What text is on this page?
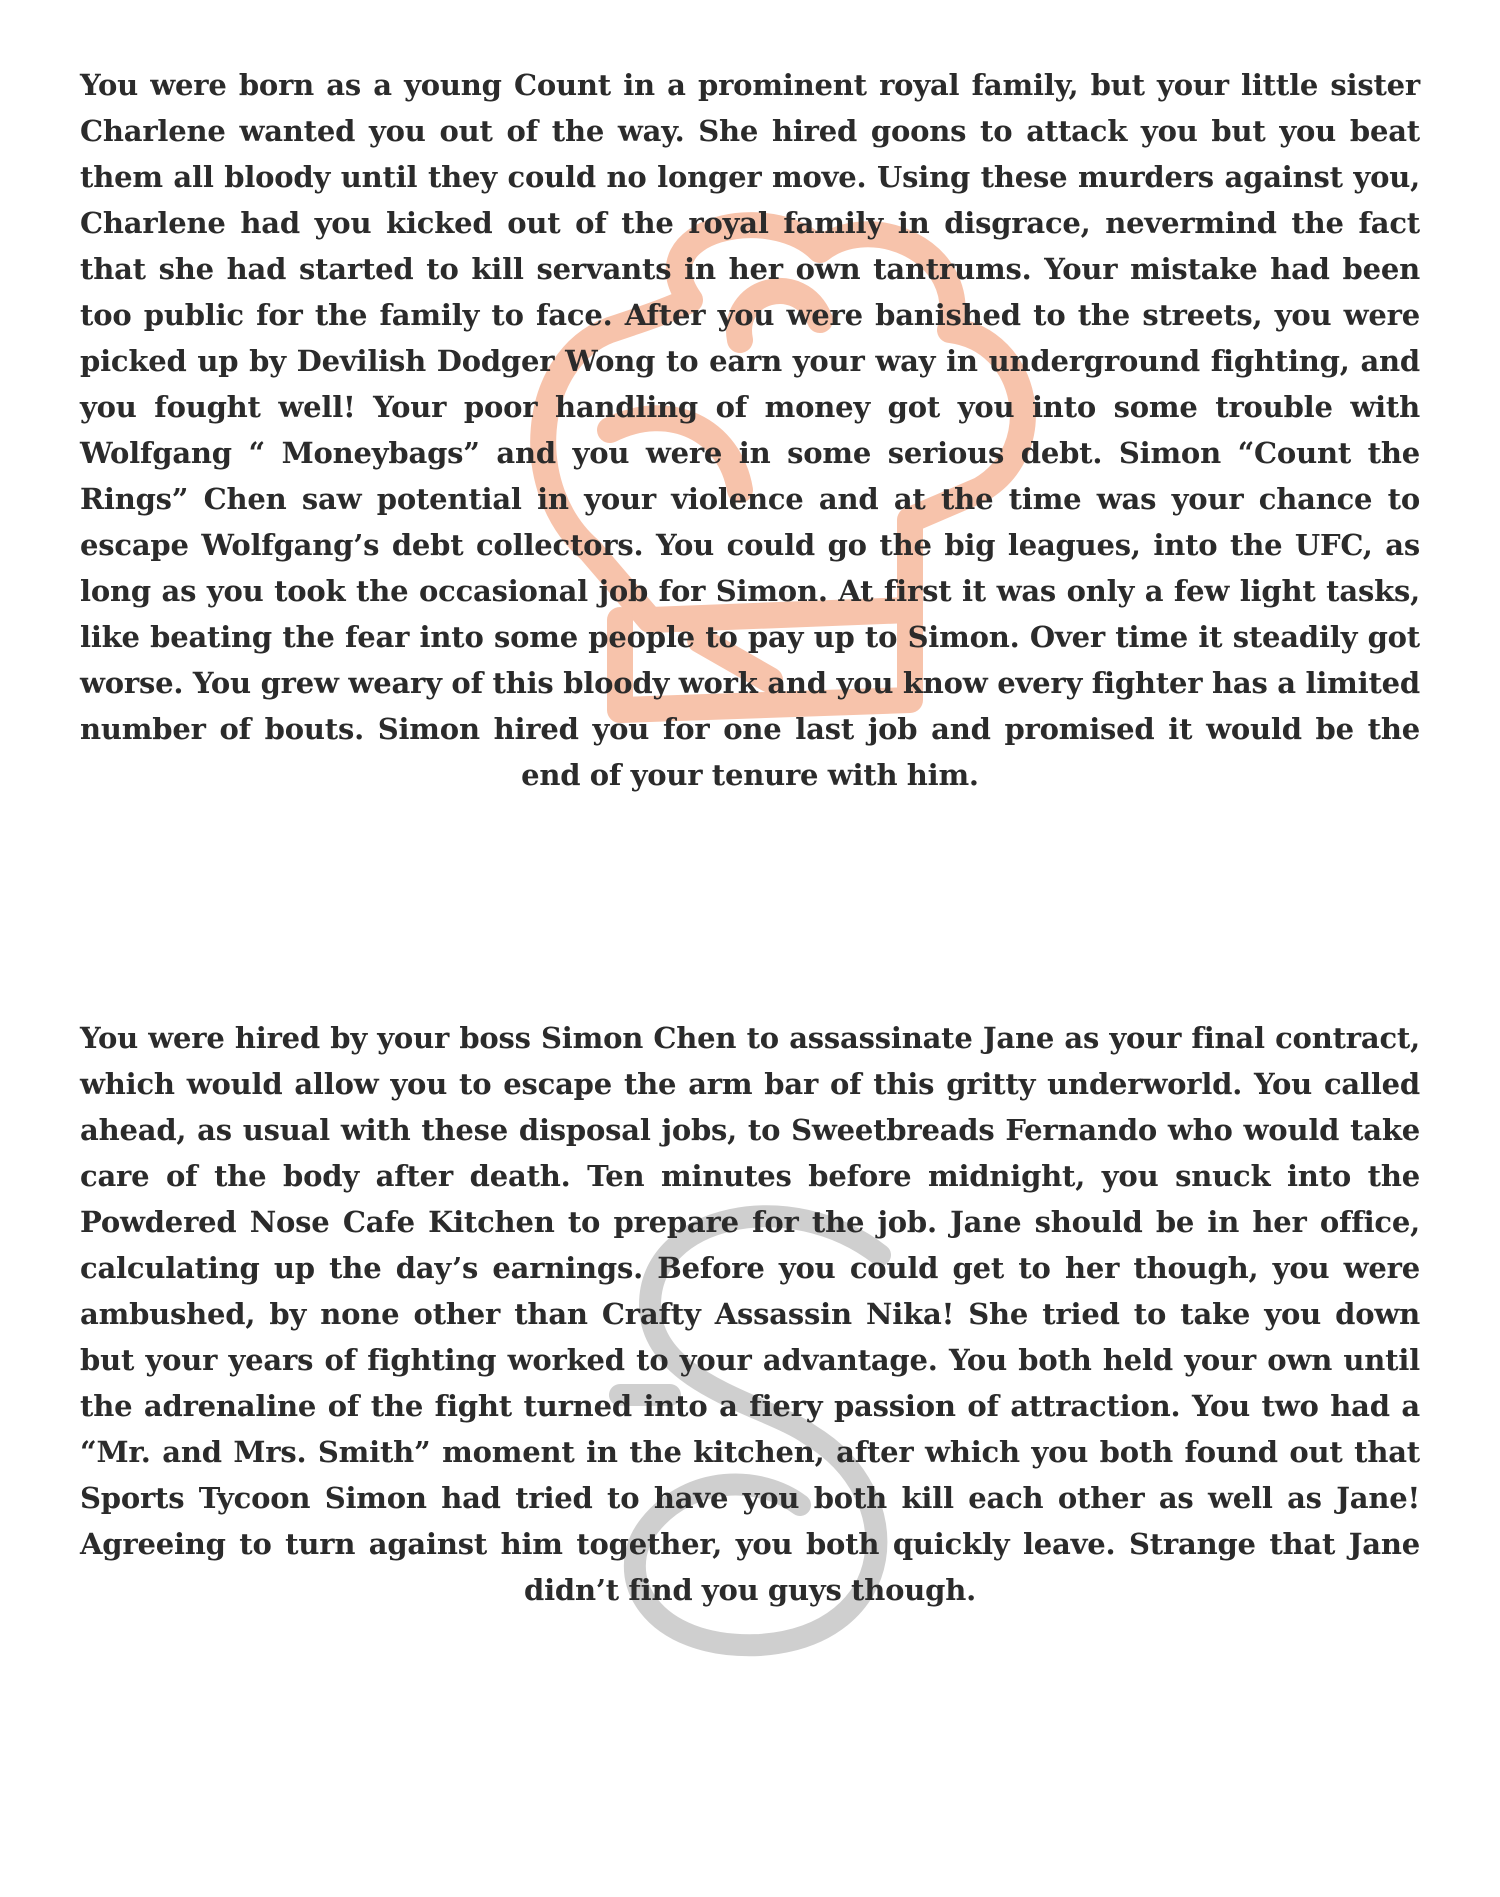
You were born as a young Count in a prominent royal family, but your little sister Charlene wanted you out of the way. She hired goons to attack you but you beat them all bloody until they could no longer move. Using these murders against you, Charlene had you kicked out of the royal family in disgrace, nevermind the fact that she had started to kill servants in her own tantrums. Your mistake had been too public for the family to face. After you were banished to the streets, you were picked up by Devilish Dodger Wong to earn your way in underground fighting, and you fought well! Your poor handling of money got you into some trouble with Wolfgang “ Moneybags” and you were in some serious debt. Simon “Count the Rings” Chen saw potential in your violence and at the time was your chance to escape Wolfgang’s debt collectors. You could go the big leagues, into the UFC, as long as you took the occasional job for Simon. At first it was only a few light tasks, like beating the fear into some people to pay up to Simon. Over time it steadily got worse. You grew weary of this bloody work and you know every fighter has a limited number of bouts. Simon hired you for one last job and promised it would be the end of your tenure with him.

You were hired by your boss Simon Chen to assassinate Jane as your final contract, which would allow you to escape the arm bar of this gritty underworld. You called ahead, as usual with these disposal jobs, to Sweetbreads Fernando who would take care of the body after death. Ten minutes before midnight, you snuck into the Powdered Nose Cafe Kitchen to prepare for the job. Jane should be in her office, calculating up the day’s earnings. Before you could get to her though, you were ambushed, by none other than Crafty Assassin Nika! She tried to take you down but your years of fighting worked to your advantage. You both held your own until the adrenaline of the fight turned into a fiery passion of attraction. You two had a “Mr. and Mrs. Smith” moment in the kitchen, after which you both found out that Sports Tycoon Simon had tried to have you both kill each other as well as Jane! Agreeing to turn against him together, you both quickly leave. Strange that Jane didn’t find you guys though.
